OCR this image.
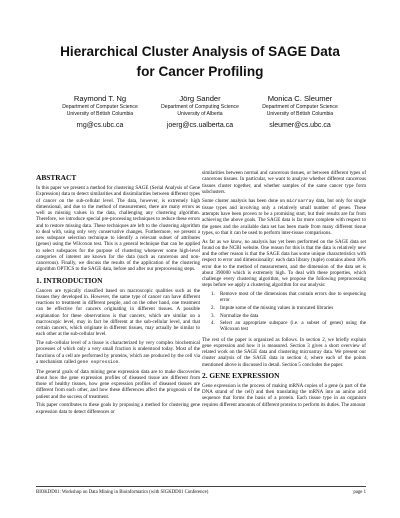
Hierarchical Cluster Analysis of SAGE Data
for Cancer Profiling
Raymond T. Ng
Department of Computer Science
University of British Columbia
rng@cs.ubc.ca
Jörg Sander
Department of Computing Science
University of Alberta
joerg@cs.ualberta.ca
Monica C. Sleumer
Department of Computer Science
University of British Columbia
sleumer@cs.ubc.ca
ABSTRACT

In this paper we present a method for clustering SAGE (Serial Analysis of Gene Expression) data to detect similarities and dissimilarities between different types of cancer on the sub-cellular level. The data, however, is extremely high dimensional, and due to the method of measurement, there are many errors as well as missing values in the data, challenging any clustering algorithm. Therefore, we introduce special pre-processing techniques to reduce these errors and to restore missing data. These techniques are left to the clustering algorithm to deal with, using only very conservative changes. Furthermore, we present a new subspace selection technique to identify a relevant subset of attributes (genes) using the Wilcoxon test. This is a general technique that can be applied to select subspaces for the purpose of clustering whenever some high-level categories of interest are known for the data (such as cancerous and non-cancerous). Finally, we discuss the results of the application of the clustering algorithm OPTICS to the SAGE data, before and after our preprocessing steps.

1. INTRODUCTION

Cancers are typically classified based on macroscopic qualities such as the tissues they developed in. However, the same type of cancer can have different reactions to treatment in different people, and on the other hand, one treatment can be effective for cancers originating in different tissues. A possible explanation for these observations is that cancers, which are similar on a macroscopic level, may in fact be different at the sub-cellular level, and that certain cancers, which originate in different tissues, may actually be similar to each other at the sub-cellular level.

The sub-cellular level of a tissue is characterized by very complex biochemical processes of which only a very small fraction is understood today. Most of the functions of a cell are performed by proteins, which are produced by the cell via a mechanism called gene expression.

The general goals of data mining gene expression data are to make discoveries about how the gene expression profiles of diseased tissue are different from those of healthy tissues, how gene expression profiles of diseased tissues are different from each other, and how these differences affect the prognosis of the patient and the success of treatment.

This paper contributes to these goals by proposing a method for clustering gene expression data to detect differences or

similarities between normal and cancerous tissues, or between different types of cancerous tissues. In particular, we want to analyze whether different cancerous tissues cluster together, and whether samples of the same cancer type form subclusters.

Some cluster analysis has been done on microarray data, but only for single tissue types and involving only a relatively small number of genes. These attempts have been proven to be a promising start, but their results are far from achieving the above goals. The SAGE data is far more complete with respect to the genes and the available data set has been made from many different tissue types, so that it can be used to perform inter-tissue comparisons.

As far as we know, no analysis has yet been performed on the SAGE data set found on the NCBI website. One reason for this is that the data is relatively new and the other reason is that the SAGE data has some unique characteristics with respect to error and dimensionality: each data library (tuple) contains about 10% error due to the method of measurement, and the dimension of the data set is about 390000 which is extremely high. To deal with these properties, which challenge every clustering algorithm, we propose the following preprocessing steps before we apply a clustering algorithm for our analysis:

1. Remove most of the dimensions that contain errors due to sequencing error
2. Impute some of the missing values in truncated libraries
3. Normalize the data
4. Select an appropriate subspace (i.e. a subset of genes) using the Wilcoxon test

The rest of the paper is organized as follows. In section 2, we briefly explain gene expression and how it is measured. Section 3 gives a short overview of related work on the SAGE data and clustering microarray data. We present our cluster analysis of the SAGE data in section 4, where each of the points mentioned above is discussed in detail. Section 5 concludes the paper.

2. GENE EXPRESSION

Gene expression is the process of making mRNA copies of a gene (a part of the DNA strand of the cell) and then translating the mRNA into an amino acid sequence that forms the basis of a protein. Each tissue type in an organism requires different amounts of different proteins to perform its duties. The amount

BIOKDD01: Workshop on Data Mining in Bioinformatics (with SIGKDD01 Conference)	page 1
